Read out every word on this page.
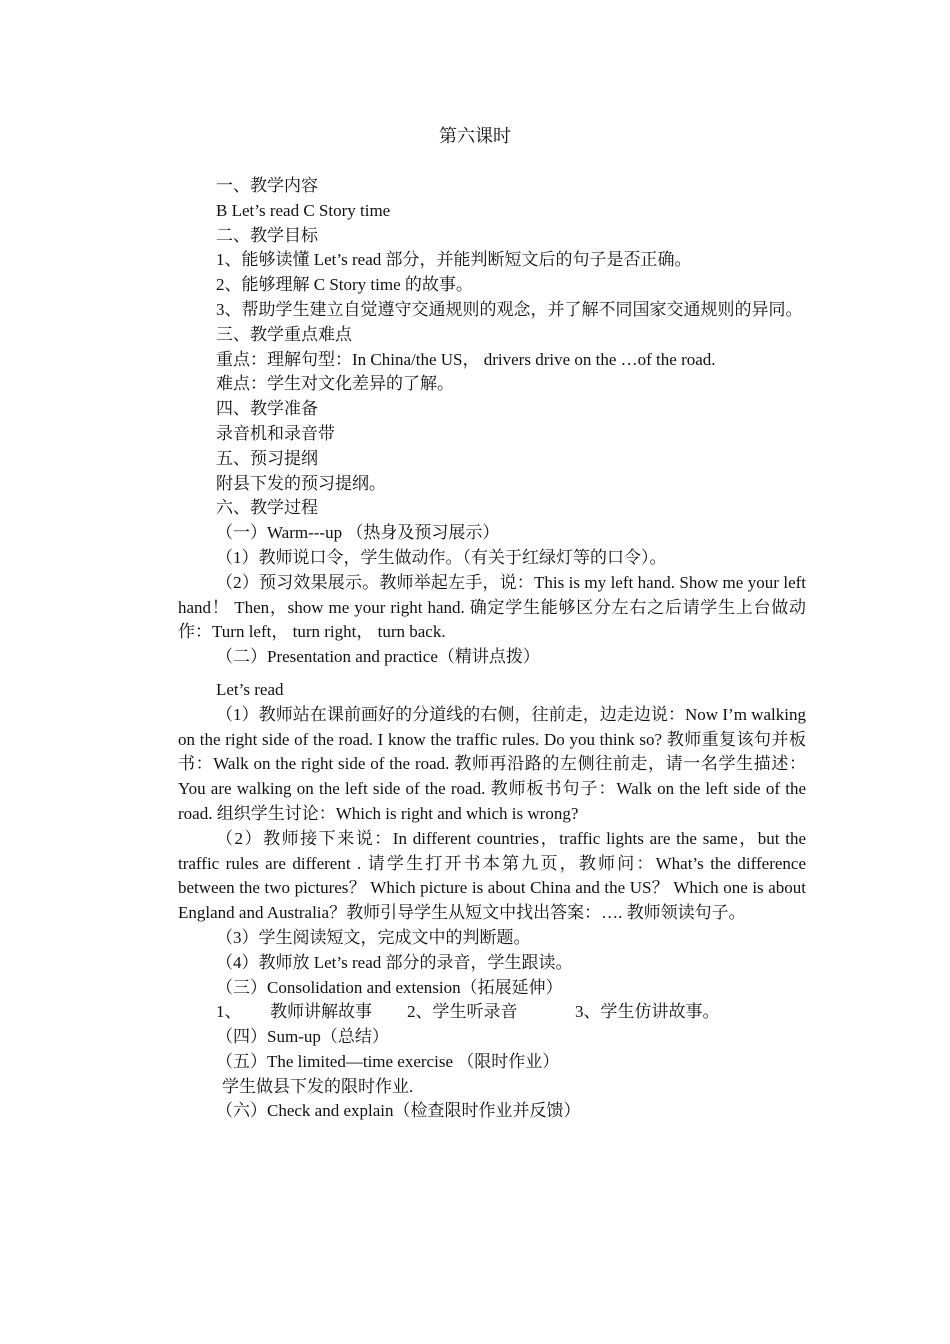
第六课时

一、教学内容

B Let’s read C Story time

二、教学目标

1、能够读懂 Let’s read 部分，并能判断短文后的句子是否正确。

2、能够理解 C Story time 的故事。

3、帮助学生建立自觉遵守交通规则的观念，并了解不同国家交通规则的异同。

三、教学重点难点

重点：理解句型：In China/the US， drivers drive on the …of the road.

难点：学生对文化差异的了解。

四、教学准备

录音机和录音带

五、预习提纲

附县下发的预习提纲。

六、教学过程

（一）Warm---up （热身及预习展示）

（1）教师说口令，学生做动作。（有关于红绿灯等的口令）。

（2）预习效果展示。教师举起左手，说：This is my left hand. Show me your left hand！ Then，show me your right hand. 确定学生能够区分左右之后请学生上台做动作：Turn left， turn right， turn back.

（二）Presentation and practice（精讲点拨）

Let’s read

（1）教师站在课前画好的分道线的右侧，往前走，边走边说：Now I’m walking on the right side of the road. I know the traffic rules. Do you think so? 教师重复该句并板书：Walk on the right side of the road. 教师再沿路的左侧往前走，请一名学生描述：You are walking on the left side of the road. 教师板书句子：Walk on the left side of the road. 组织学生讨论：Which is right and which is wrong?

（2）教师接下来说：In different countries，traffic lights are the same，but the traffic rules are different . 请学生打开书本第九页，教师问：What’s the difference between the two pictures？ Which picture is about China and the US？ Which one is about England and Australia？教师引导学生从短文中找出答案：…. 教师领读句子。

（3）学生阅读短文，完成文中的判断题。

（4）教师放 Let’s read 部分的录音，学生跟读。

（三）Consolidation and extension（拓展延伸）

1、	教师讲解故事	2、学生听录音	3、学生仿讲故事。

（四）Sum-up（总结）

（五）The limited—time exercise （限时作业）

学生做县下发的限时作业.

（六）Check and explain（检查限时作业并反馈）
